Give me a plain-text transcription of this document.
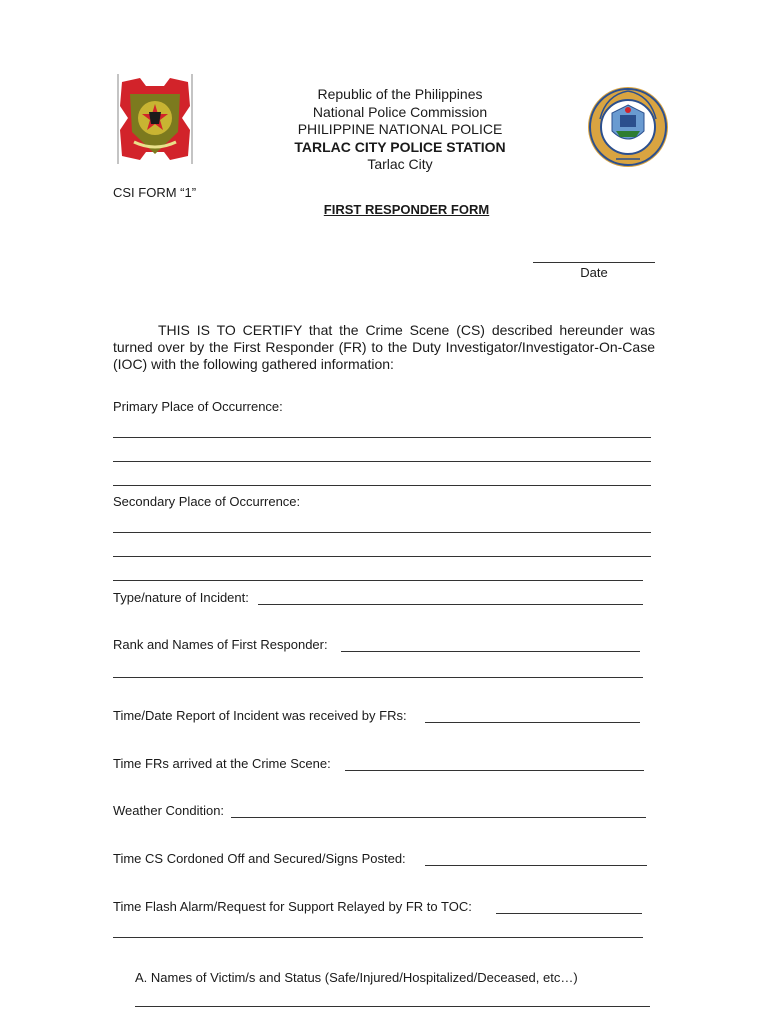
Republic of the Philippines
National Police Commission
PHILIPPINE NATIONAL POLICE
TARLAC CITY POLICE STATION
Tarlac City
CSI FORM “1”
FIRST RESPONDER FORM
Date
THIS IS TO CERTIFY that the Crime Scene (CS) described hereunder was turned over by the First Responder (FR) to the Duty Investigator/Investigator-On-Case (IOC) with the following gathered information:
Primary Place of Occurrence:
Secondary Place of Occurrence:
Type/nature of Incident:
Rank and Names of First Responder:
Time/Date Report of Incident was received by FRs:
Time FRs arrived at the Crime Scene:
Weather Condition:
Time CS Cordoned Off and Secured/Signs Posted:
Time Flash Alarm/Request for Support Relayed by FR to TOC:
A. Names of Victim/s and Status (Safe/Injured/Hospitalized/Deceased, etc…)
